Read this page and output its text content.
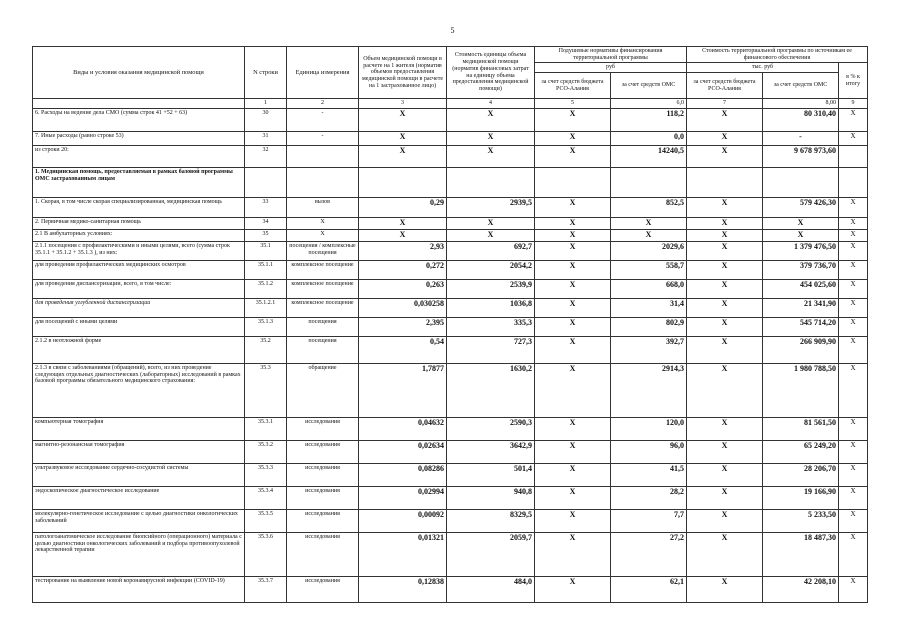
5
Виды и условия оказания медицинской помощи	N строки	Единица измерения	Объем медицинской помощи в расчете на 1 жителя (норматив объемов предоставления медицинской помощи в расчете на 1 застрахованное лицо)	Стоимость единицы объема медицинской помощи (норматив финансовых затрат на единицу объема предоставления медицинской помощи)	Подушевые нормативы финансирования территориальной программы		Стоимость территориальной программы по источникам ее финансового обеспечения		
					руб		тыс. руб		в % к итогу
					за счет средств бюджета РСО-Алания	за счет средств ОМС	за счет средств бюджета РСО-Алания	за счет средств ОМС	
	1	2	3	4	5	6,0	7	8,00	9
6. Расходы на ведение дела СМО (сумма строк 41 +52 + 63)	30	-	X	X	X	118,2	X	80 310,40	X
7. Иные расходы (равно строке 53)	31	-	X	X	X	0,0	X	-	X
из строки 20:	32		X	X	X	14240,5	X	9 678 973,60	
1. Медицинская помощь, предоставляемая в рамках базовой программы ОМС застрахованным лицам									
1. Скорая, в том числе скорая специализированная, медицинская помощь	33	вызов	0,29	2939,5	X	852,5	X	579 426,30	X
2. Первичная медико-санитарная помощь	34	X	X	X	X	X	X	X	X
2.1 В амбулаторных условиях:	35	X	X	X	X	X	X	X	X
2.1.1 посещения с профилактическими и иными целями, всего (сумма строк 35.1.1 + 35.1.2 + 35.1.3 ), из них:	35.1	посещения / комплексные посещения	2,93	692,7	X	2029,6	X	1 379 476,50	X
для проведения профилактических медицинских осмотров	35.1.1	комплексное посещение	0,272	2054,2	X	558,7	X	379 736,70	X
для проведения диспансеризации, всего, в том числе:	35.1.2	комплексное посещение	0,263	2539,9	X	668,0	X	454 025,60	X
для проведения углубленной диспансеризации	35.1.2.1	комплексное посещение	0,030258	1036,8	X	31,4	X	21 341,90	X
для посещений с иными целями	35.1.3	посещения	2,395	335,3	X	802,9	X	545 714,20	X
2.1.2 в неотложной форме	35.2	посещения	0,54	727,3	X	392,7	X	266 909,90	X
2.1.3 в связи с заболеваниями (обращений), всего, из них проведение следующих отдельных диагностических (лабораторных) исследований в рамках базовой программы обязательного медицинского страхования:	35.3	обращение	1,7877	1630,2	X	2914,3	X	1 980 788,50	X
компьютерная томография	35.3.1	исследования	0,04632	2590,3	X	120,0	X	81 561,50	X
магнитно-резонансная томография	35.3.2	исследования	0,02634	3642,9	X	96,0	X	65 249,20	X
ультразвуковое исследование сердечно-сосудистой системы	35.3.3	исследования	0,08286	501,4	X	41,5	X	28 206,70	X
эндоскопическое диагностическое исследование	35.3.4	исследования	0,02994	940,8	X	28,2	X	19 166,90	X
молекулярно-генетическое исследование с целью диагностики онкологических заболеваний	35.3.5	исследования	0,00092	8329,5	X	7,7	X	5 233,50	X
патологоанатомическое исследование биопсийного (операционного) материала с целью диагностики онкологических заболеваний и подбора противоопухолевой лекарственной терапии	35.3.6	исследования	0,01321	2059,7	X	27,2	X	18 487,30	X
тестирование на выявление новой коронавирусной инфекции (COVID-19)	35.3.7	исследования	0,12838	484,0	X	62,1	X	42 208,10	X
